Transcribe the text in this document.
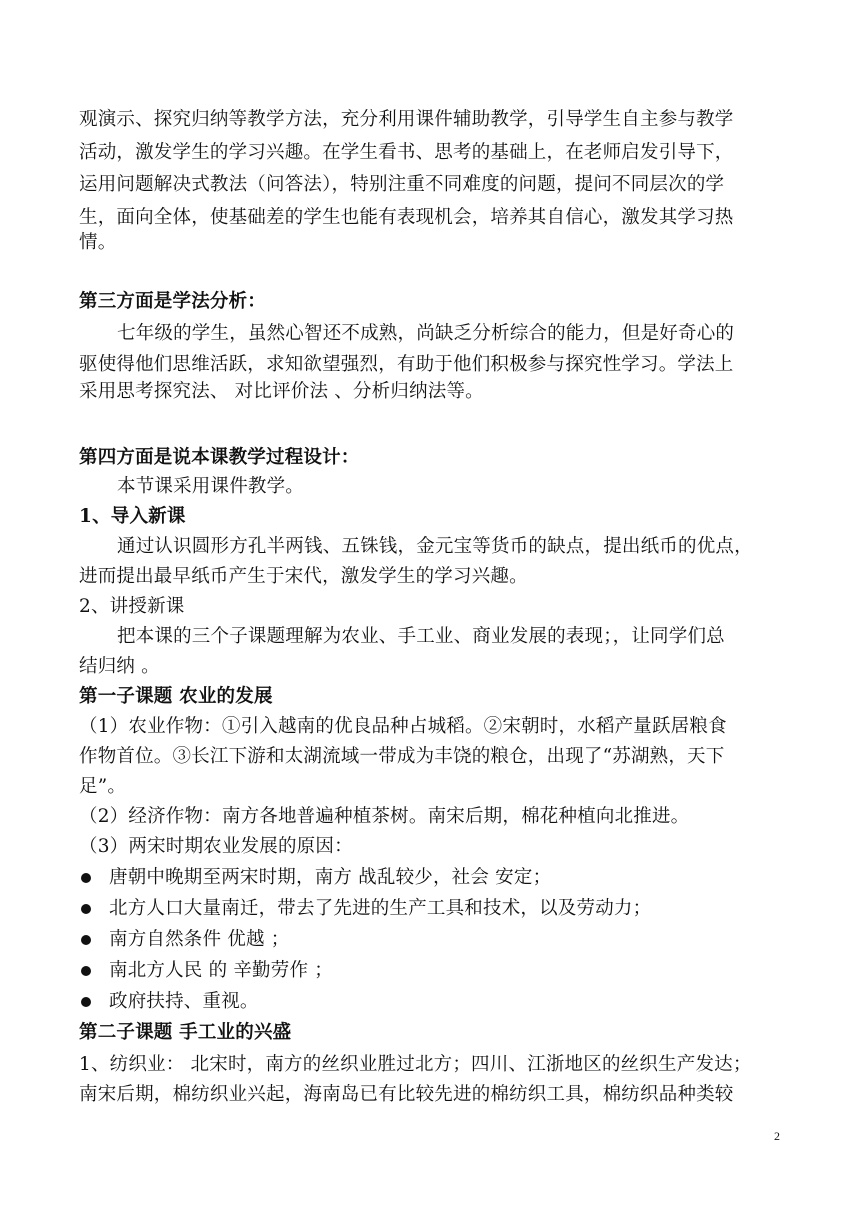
观演示、探究归纳等教学方法，充分利用课件辅助教学，引导学生自主参与教学
活动，激发学生的学习兴趣。在学生看书、思考的基础上，在老师启发引导下，
运用问题解决式教法（问答法），特别注重不同难度的问题，提问不同层次的学
生，面向全体，使基础差的学生也能有表现机会，培养其自信心，激发其学习热
情。
第三方面是学法分析：
七年级的学生，虽然心智还不成熟，尚缺乏分析综合的能力，但是好奇心的
驱使得他们思维活跃，求知欲望强烈，有助于他们积极参与探究性学习。学法上
采用思考探究法、 对比评价法 、分析归纳法等。
第四方面是说本课教学过程设计：
本节课采用课件教学。
1、导入新课
通过认识圆形方孔半两钱、五铢钱，金元宝等货币的缺点，提出纸币的优点，
进而提出最早纸币产生于宋代，激发学生的学习兴趣。
2、讲授新课
把本课的三个子课题理解为农业、手工业、商业发展的表现；，让同学们总
结归纳 。
第一子课题 农业的发展
（1）农业作物：①引入越南的优良品种占城稻。②宋朝时，水稻产量跃居粮食
作物首位。③长江下游和太湖流域一带成为丰饶的粮仓，出现了“苏湖熟，天下
足”。
（2）经济作物：南方各地普遍种植茶树。南宋后期，棉花种植向北推进。
（3）两宋时期农业发展的原因：
唐朝中晚期至两宋时期，南方 战乱较少，社会 安定；
北方人口大量南迁，带去了先进的生产工具和技术，以及劳动力；
南方自然条件 优越 ；
南北方人民 的 辛勤劳作 ；
政府扶持、重视。
第二子课题 手工业的兴盛
1、纺织业： 北宋时，南方的丝织业胜过北方；四川、江浙地区的丝织生产发达；
南宋后期，棉纺织业兴起，海南岛已有比较先进的棉纺织工具，棉纺织品种类较
2
